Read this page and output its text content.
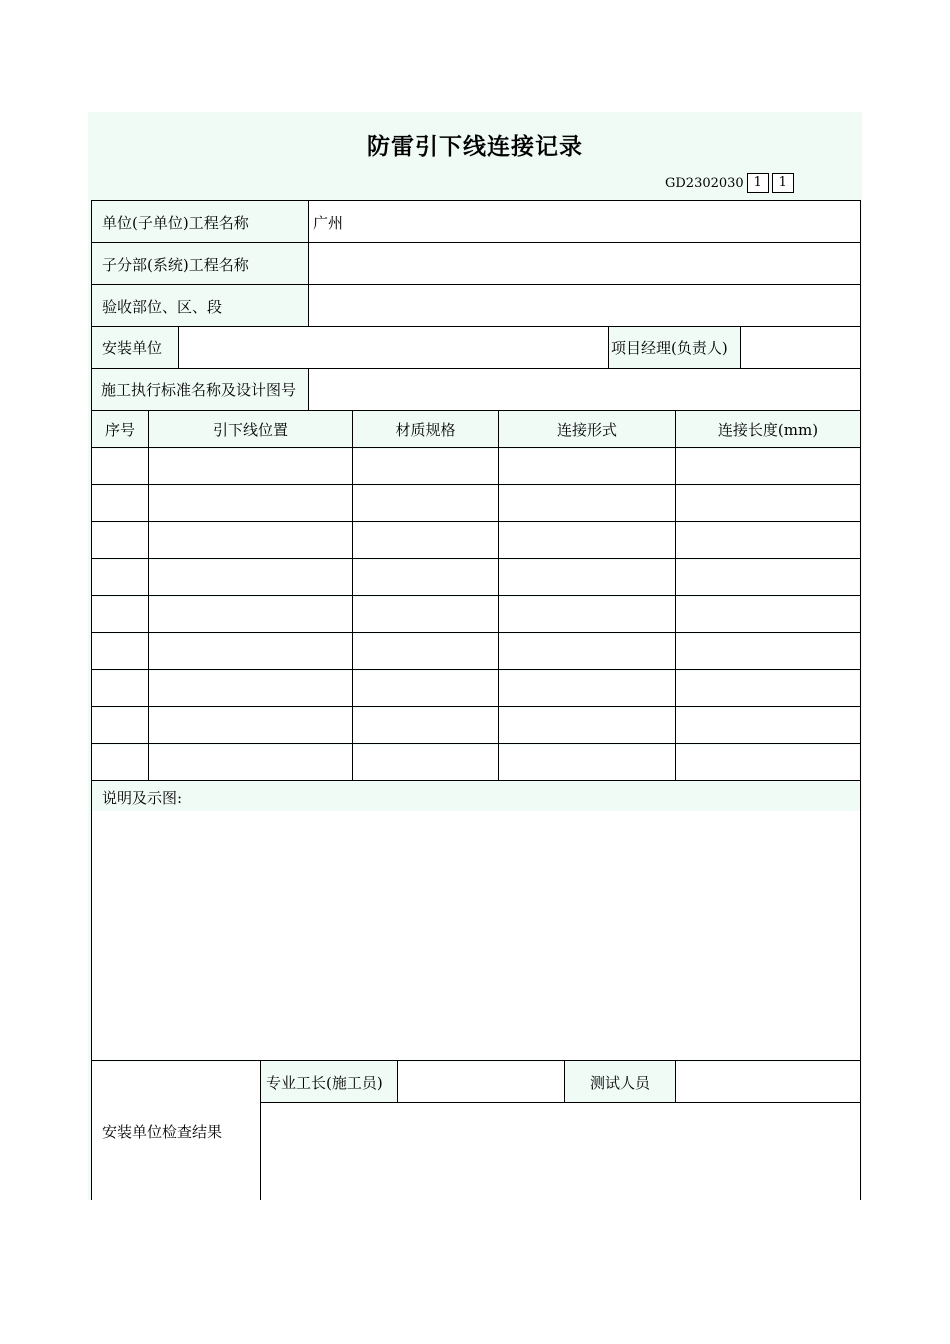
防雷引下线连接记录
GD2302030 1	1
单位(子单位)工程名称	广州
子分部(系统)工程名称
验收部位、区、段
安装单位	项目经理(负责人)
施工执行标准名称及设计图号
序号	引下线位置	材质规格	连接形式	连接长度(mm)
说明及示图:
安装单位检查结果
专业工长(施工员)	测试人员
